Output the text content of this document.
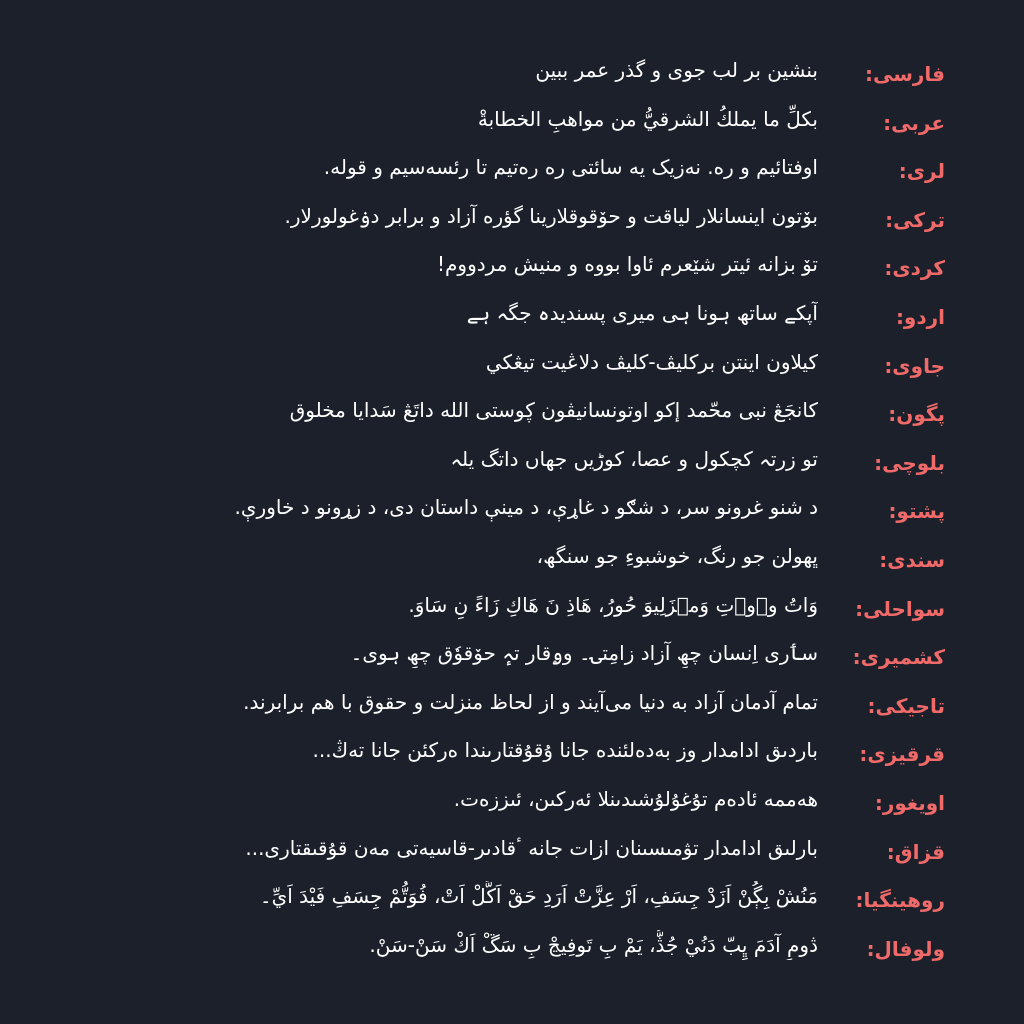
فارسی:
بنشین بر لب جوی و گذر عمر ببین
عربی:
بكلِّ ما يملكُ الشرقيُّ من مواهبِ الخطابةْ
لری:
اوفتائیم و رە. نەزیک یە سائتی رە رەتیم تا رئسەسیم و قوله.
ترکی:
بۆتون اینسانلار لیاقت و حۆقوقلارینا گؤره آزاد و برابر دۏغولورلار.
کردی:
تۆ بزانە ئیتر شێعرم ئاوا بووە و منیش مردووم!
اردو:
آپکے ساتھ ہونا ہی میری پسندیدہ جگہ ہے
جاوی:
کيلاون اينتن برکليڤ-کليڤ دلاڠيت تيڠکي
پگون:
کانجَڠ نبی محّمد إکو اوتونسانیڤون ڮوستی الله داتَڠ سَدایا مخلوق
بلوچی:
تو زرتہ کچکول و عصا، کوڑیں جھاں داتگ یلہ
پشتو:
د شنو غرونو سر، د شګو د غاړې، د مینې داستان دی، د زړونو د خاورې.
سندی:
ڀھولن جو رنگ، خوشبوءِ جو سنگھ،
سواحلی:
وَاتُ وٛوٖتِ وَمٛزَلِيوَ حُورُ، هَاذِ نَ هَاكِ زَاءً نِ سَاوَ.
کشمیری:
سٲری اِنسان چھِ آزاد زامِتۍ۔ وۄقار تہٕ حۆقوٗق چھِ ہوی۔
تاجیکی:
تمام آدمان آزاد به دنیا می‌آیند و از لحاظ منزلت و حقوق با هم برابرند.
قرقیزی:
باردىق ادامدار وز بەدەلئندە جانا ۇقۇقتارىندا ەركئن جانا تەڭ...
اویغور:
ھەممە ئادەم تۇغۇلۇشىدىنلا ئەركىن، ئىززەت.
قزاق:
بارلىق ادامدار تۋمىسىنان ازات جانە ٴقادىر-قاسيەتى مەن قۇقىقتارى...
روهینگیا:
مَنُشْ بِڳُنْ اَزَدْ جِسَفِ، اَرْ عِزَّتْ اَرَدِ حَقْ اَكَّلْ اَتْ، فُوَتُّمْ جِسَفِ فَيْدَ اَيِّ۔
ولوفال:
ڎومِ آدَمَ ڀِبّ دَنُيْ جُڎُّ، يَمْ بِ تَوفِيڃْ بِ سَڱْ اَكْ سَنْ-سَنْ.
